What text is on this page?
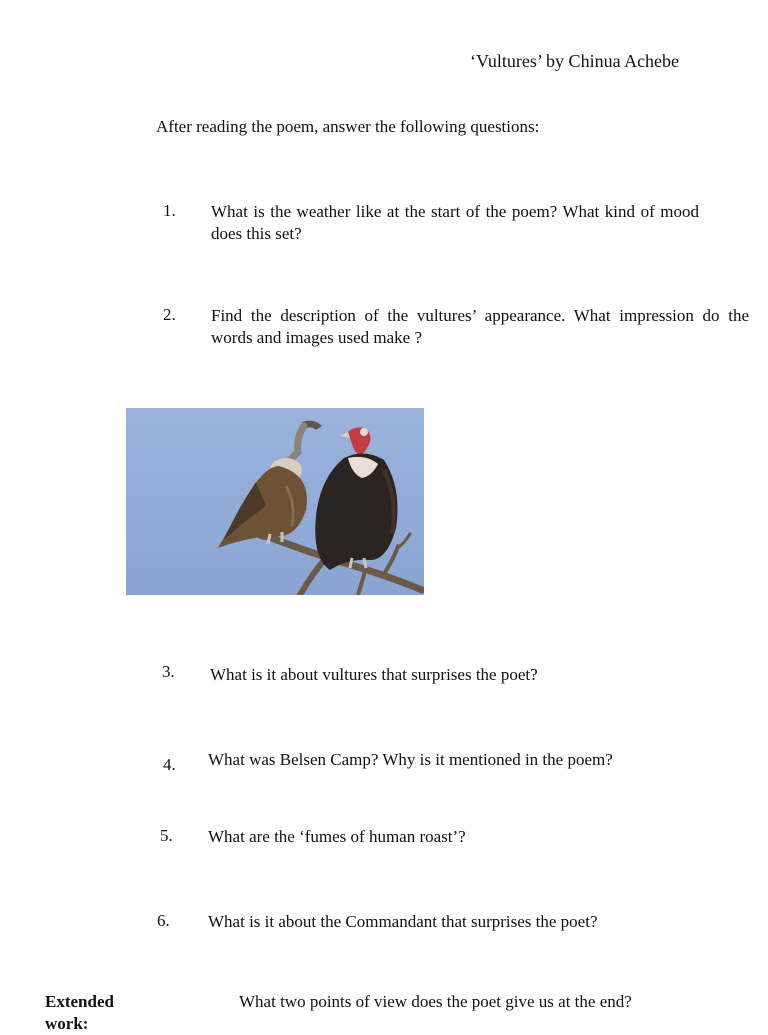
‘Vultures’ by Chinua Achebe
After reading the poem, answer the following questions:
1. What is the weather like at the start of the poem? What kind of mood does this set?
2. Find the description of the vultures’ appearance. What impression do the words and images used make ?
3. What is it about vultures that surprises the poet?
4. What was Belsen Camp? Why is it mentioned in the poem?
5. What are the ‘fumes of human roast’?
6. What is it about the Commandant that surprises the poet?
Extended work:
What two points of view does the poet give us at the end?
